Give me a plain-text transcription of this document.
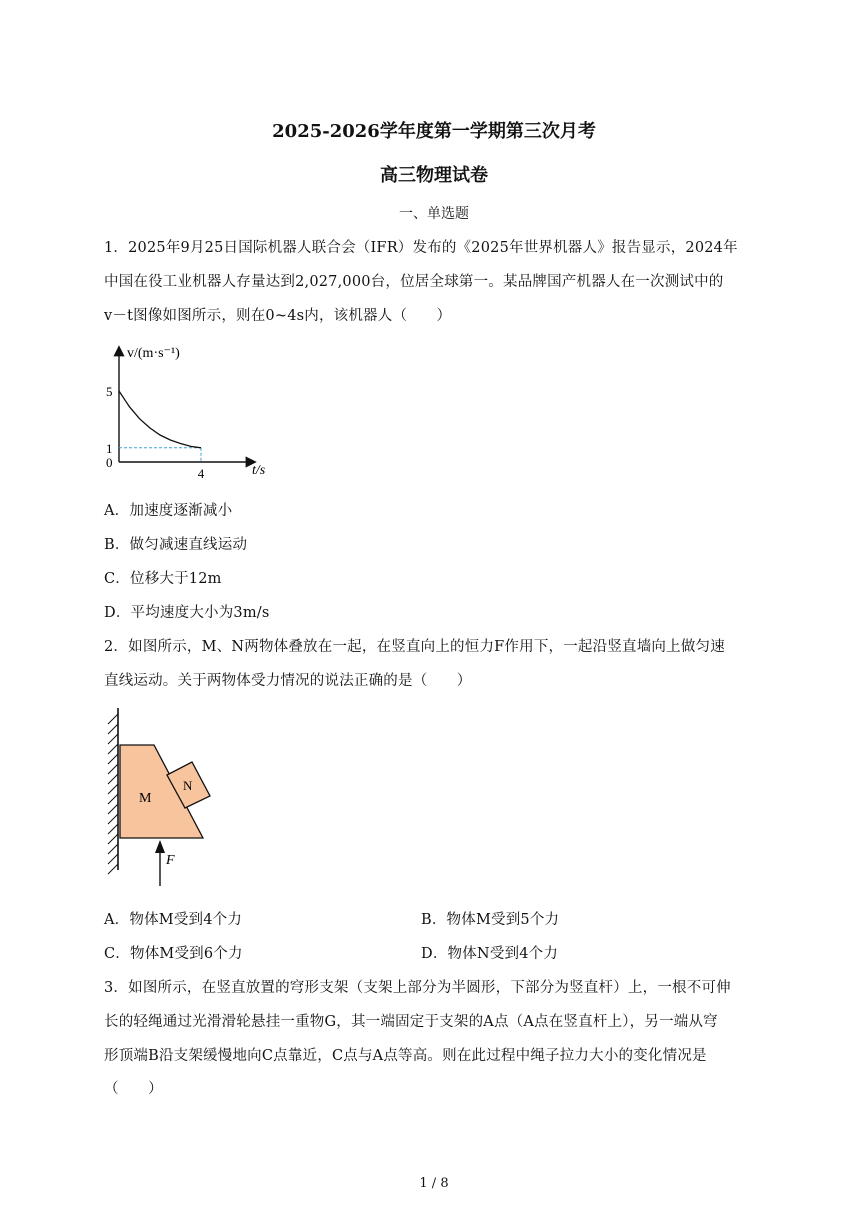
2025-2026学年度第一学期第三次月考
高三物理试卷
一、单选题
1．2025年9月25日国际机器人联合会（IFR）发布的《2025年世界机器人》报告显示，2024年
中国在役工业机器人存量达到2,027,000台，位居全球第一。某品牌国产机器人在一次测试中的
v－t图像如图所示，则在0~4s内，该机器人（　　）
v/(m·s⁻¹)
t/s
5
1
0
4
A．加速度逐渐减小
B．做匀减速直线运动
C．位移大于12m
D．平均速度大小为3m/s
2．如图所示，M、N两物体叠放在一起，在竖直向上的恒力F作用下，一起沿竖直墙向上做匀速
直线运动。关于两物体受力情况的说法正确的是（　　）
M
N
F
A．物体M受到4个力	B．物体M受到5个力
C．物体M受到6个力	D．物体N受到4个力
3．如图所示，在竖直放置的穹形支架（支架上部分为半圆形，下部分为竖直杆）上，一根不可伸
长的轻绳通过光滑滑轮悬挂一重物G，其一端固定于支架的A点（A点在竖直杆上），另一端从穹
形顶端B沿支架缓慢地向C点靠近，C点与A点等高。则在此过程中绳子拉力大小的变化情况是
（　　）
1 / 8
